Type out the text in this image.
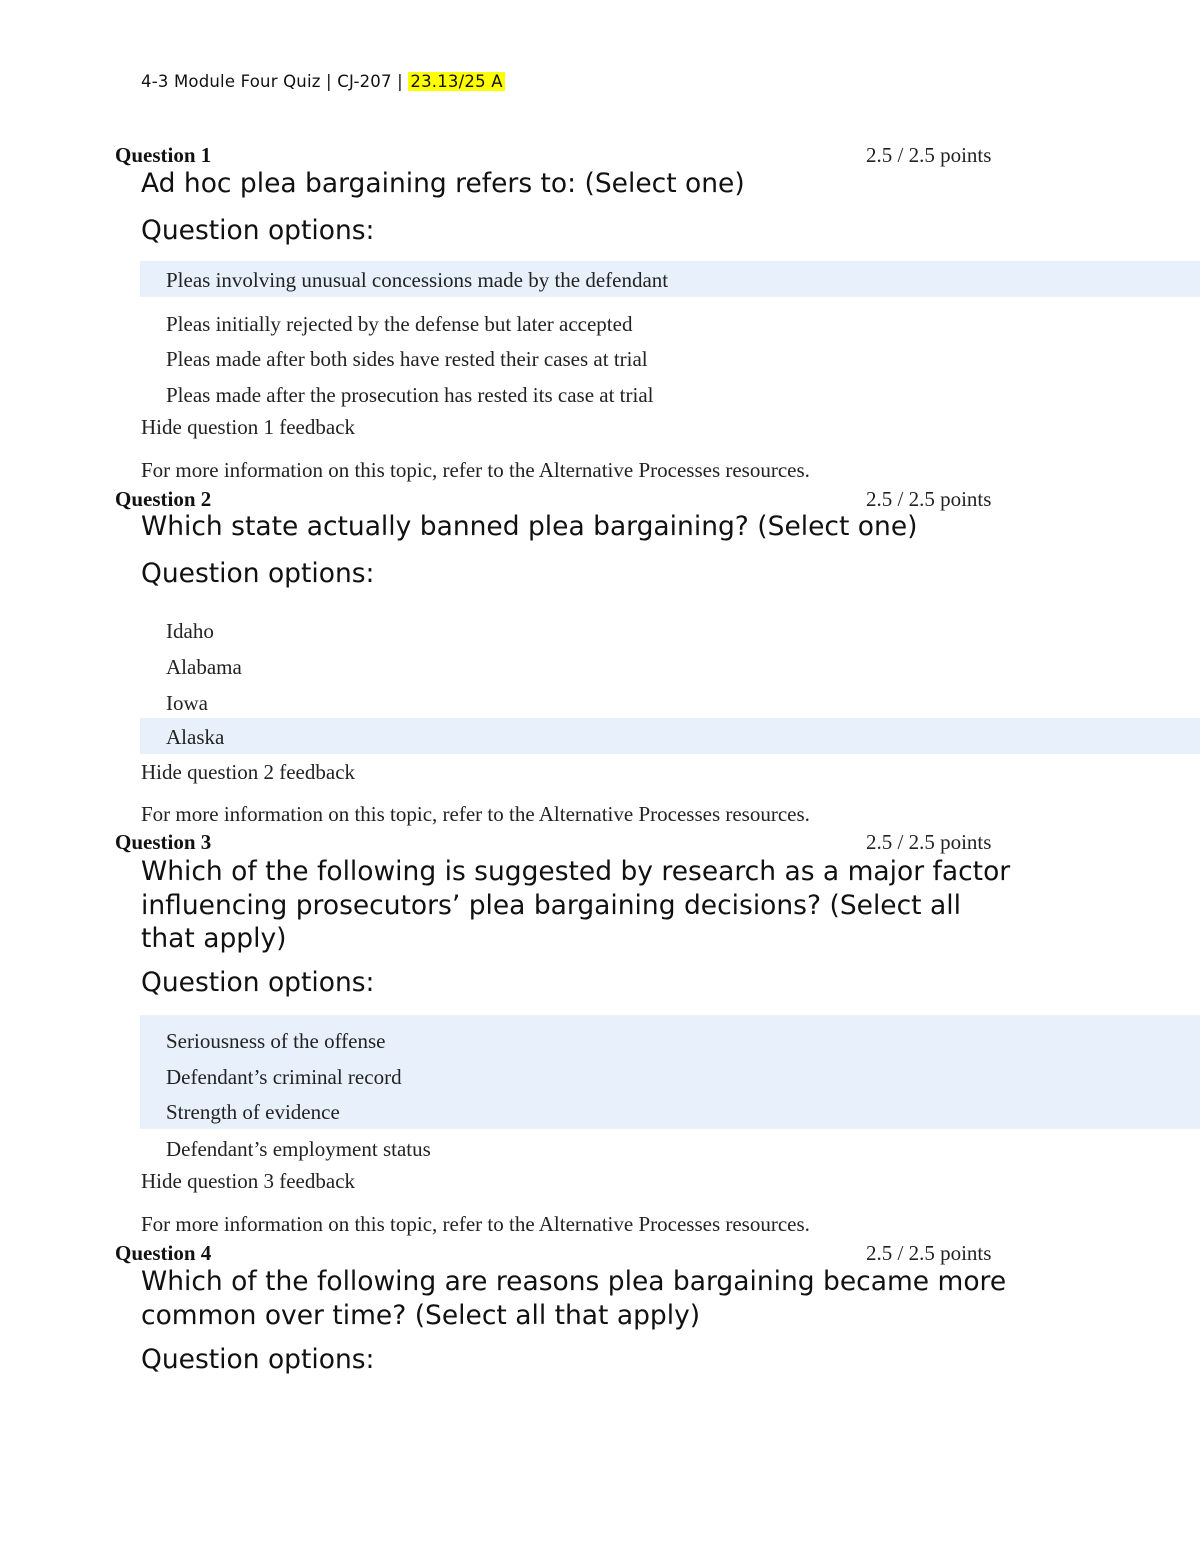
4-3 Module Four Quiz | CJ-207 | 23.13/25 A
Question 1	2.5 / 2.5 points
Ad hoc plea bargaining refers to: (Select one)
Question options:
Pleas involving unusual concessions made by the defendant
Pleas initially rejected by the defense but later accepted
Pleas made after both sides have rested their cases at trial
Pleas made after the prosecution has rested its case at trial
Hide question 1 feedback
For more information on this topic, refer to the Alternative Processes resources.
Question 2	2.5 / 2.5 points
Which state actually banned plea bargaining? (Select one)
Question options:
Idaho
Alabama
Iowa
Alaska
Hide question 2 feedback
For more information on this topic, refer to the Alternative Processes resources.
Question 3	2.5 / 2.5 points
Which of the following is suggested by research as a major factor influencing prosecutors’ plea bargaining decisions? (Select all that apply)
Question options:
Seriousness of the offense
Defendant’s criminal record
Strength of evidence
Defendant’s employment status
Hide question 3 feedback
For more information on this topic, refer to the Alternative Processes resources.
Question 4	2.5 / 2.5 points
Which of the following are reasons plea bargaining became more common over time? (Select all that apply)
Question options:
